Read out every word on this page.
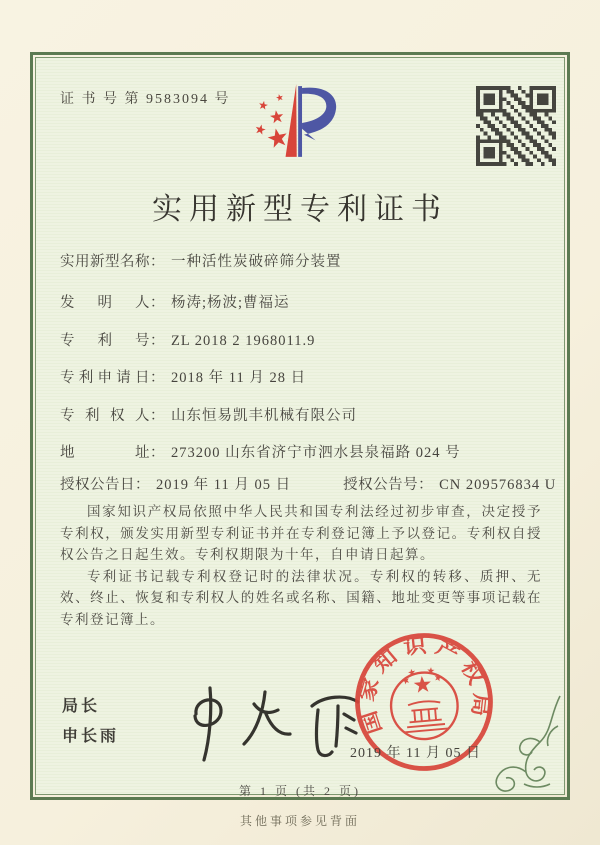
证 书 号 第 9583094 号
实用新型专利证书
实用新型名称： 一种活性炭破碎筛分装置
发明人： 杨涛;杨波;曹福运
专利号： ZL 2018 2 1968011.9
专利申请日： 2018 年 11 月 28 日
专利权人： 山东恒易凯丰机械有限公司
地址： 273200 山东省济宁市泗水县泉福路 024 号
授权公告日： 2019 年 11 月 05 日	授权公告号： CN 209576834 U

国家知识产权局依照中华人民共和国专利法经过初步审查，决定授予专利权，颁发实用新型专利证书并在专利登记簿上予以登记。专利权自授权公告之日起生效。专利权期限为十年，自申请日起算。

专利证书记载专利权登记时的法律状况。专利权的转移、质押、无效、终止、恢复和专利权人的姓名或名称、国籍、地址变更等事项记载在专利登记簿上。

局长
申长雨
国家知识产权局
2019 年 11 月 05 日
第 1 页 (共 2 页)
其他事项参见背面
